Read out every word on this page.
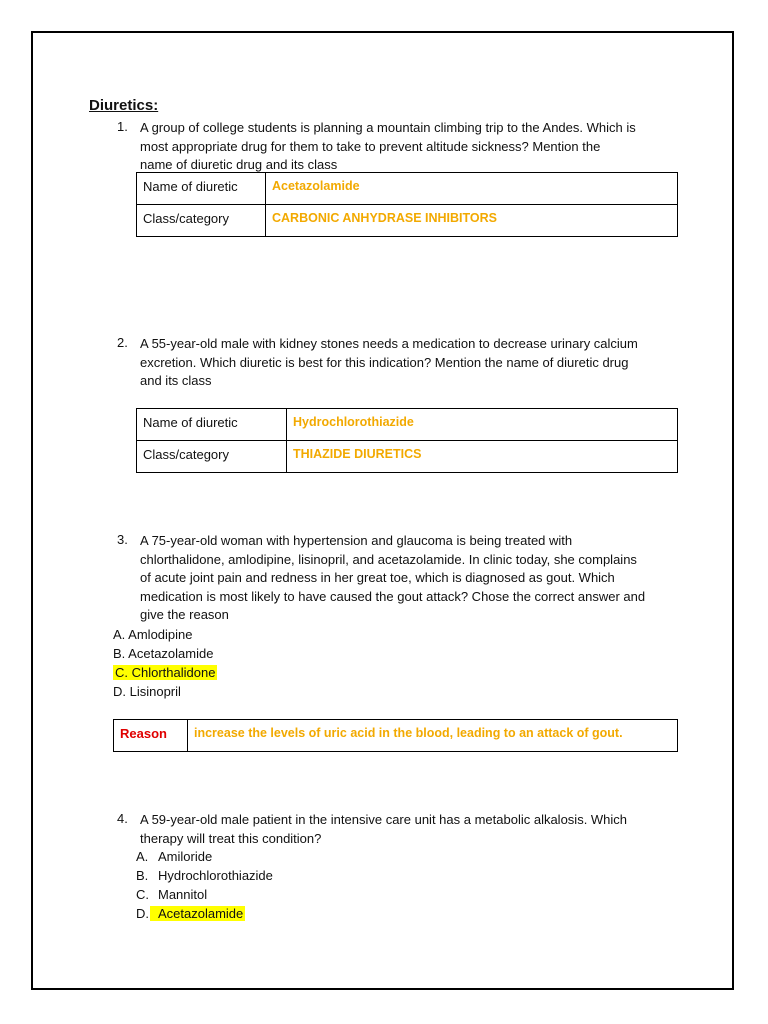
Diuretics:
1. A group of college students is planning a mountain climbing trip to the Andes. Which is
most appropriate drug for them to take to prevent altitude sickness? Mention the
name of diuretic drug and its class
Name of diuretic	Acetazolamide
Class/category	CARBONIC ANHYDRASE INHIBITORS
2. A 55-year-old male with kidney stones needs a medication to decrease urinary calcium
excretion. Which diuretic is best for this indication? Mention the name of diuretic drug
and its class
Name of diuretic	Hydrochlorothiazide
Class/category	THIAZIDE DIURETICS
3. A 75-year-old woman with hypertension and glaucoma is being treated with
chlorthalidone, amlodipine, lisinopril, and acetazolamide. In clinic today, she complains
of acute joint pain and redness in her great toe, which is diagnosed as gout. Which
medication is most likely to have caused the gout attack? Chose the correct answer and
give the reason
A. Amlodipine
B. Acetazolamide
C. Chlorthalidone
D. Lisinopril
Reason	increase the levels of uric acid in the blood, leading to an attack of gout.
4. A 59-year-old male patient in the intensive care unit has a metabolic alkalosis. Which
therapy will treat this condition?
A. Amiloride
B. Hydrochlorothiazide
C. Mannitol
D. Acetazolamide
